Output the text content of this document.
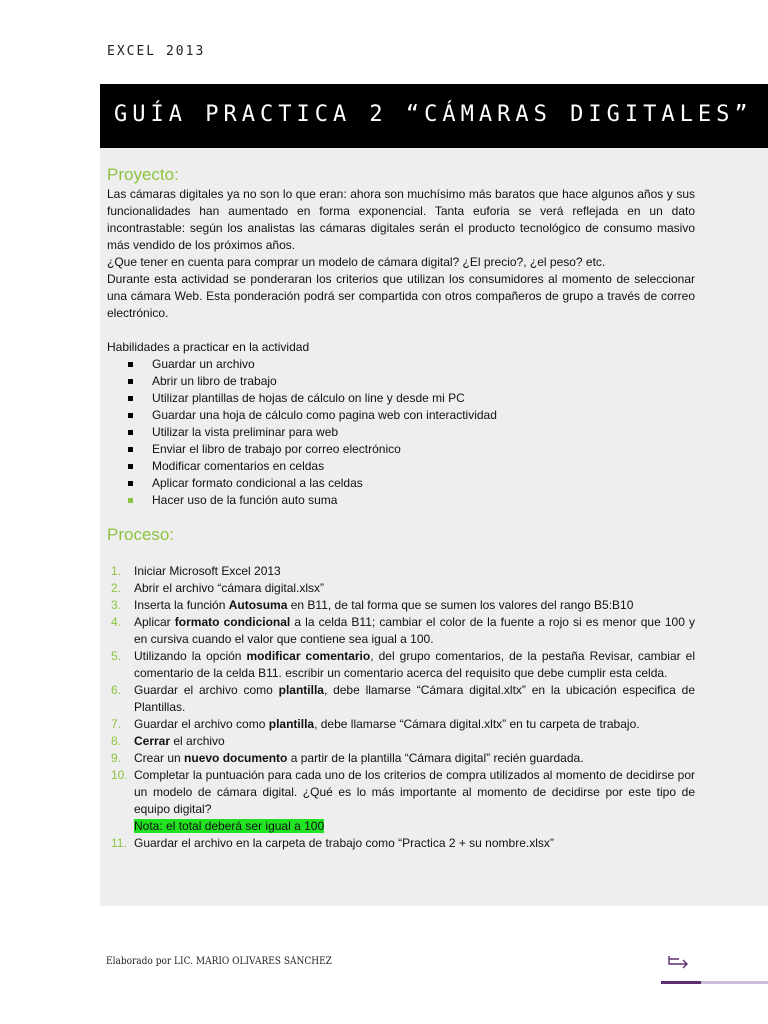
EXCEL 2013
GUÍA PRACTICA 2 “CÁMARAS DIGITALES”
Proyecto:

Las cámaras digitales ya no son lo que eran: ahora son muchísimo más baratos que hace algunos años y sus funcionalidades han aumentado en forma exponencial. Tanta euforia se verá reflejada en un dato incontrastable: según los analistas las cámaras digitales serán el producto tecnológico de consumo masivo más vendido de los próximos años.

¿Que tener en cuenta para comprar un modelo de cámara digital? ¿El precio?, ¿el peso? etc.

Durante esta actividad se ponderaran los criterios que utilizan los consumidores al momento de seleccionar una cámara Web. Esta ponderación podrá ser compartida con otros compañeros de grupo a través de correo electrónico.

Habilidades a practicar en la actividad

Guardar un archivo
Abrir un libro de trabajo
Utilizar plantillas de hojas de cálculo on line y desde mi PC
Guardar una hoja de cálculo como pagina web con interactividad
Utilizar la vista preliminar para web
Enviar el libro de trabajo por correo electrónico
Modificar comentarios en celdas
Aplicar formato condicional a las celdas
Hacer uso de la función auto suma
Proceso:
1. Iniciar Microsoft Excel 2013
2. Abrir el archivo “cámara digital.xlsx”
3. Inserta la función Autosuma en B11, de tal forma que se sumen los valores del rango B5:B10
4. Aplicar formato condicional a la celda B11; cambiar el color de la fuente a rojo si es menor que 100 y en cursiva cuando el valor que contiene sea igual a 100.
5. Utilizando la opción modificar comentario, del grupo comentarios, de la pestaña Revisar, cambiar el comentario de la celda B11. escribir un comentario acerca del requisito que debe cumplir esta celda.
6. Guardar el archivo como plantilla, debe llamarse “Cámara digital.xltx” en la ubicación especifica de Plantillas.
7. Guardar el archivo como plantilla, debe llamarse “Cámara digital.xltx” en tu carpeta de trabajo.
8. Cerrar el archivo
9. Crear un nuevo documento a partir de la plantilla “Cámara digital” recién guardada.
10. Completar la puntuación para cada uno de los criterios de compra utilizados al momento de decidirse por un modelo de cámara digital. ¿Qué es lo más importante al momento de decidirse por este tipo de equipo digital?
Nota: el total deberá ser igual a 100
11. Guardar el archivo en la carpeta de trabajo como “Practica 2 + su nombre.xlsx”
Elaborado por LIC. MARIO OLIVARES SÁNCHEZ
